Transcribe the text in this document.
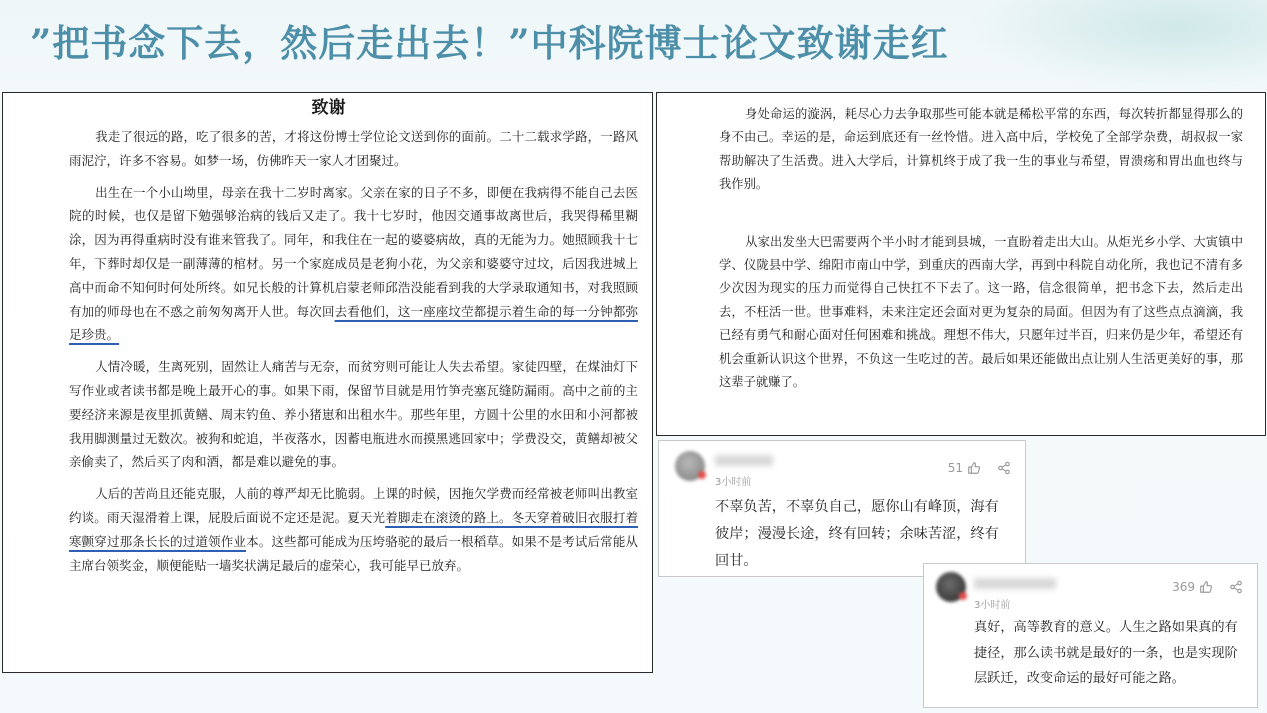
”把书念下去，然后走出去！”中科院博士论文致谢走红
致谢

我走了很远的路，吃了很多的苦，才将这份博士学位论文送到你的面前。二十二载求学路，一路风雨泥泞，许多不容易。如梦一场，仿佛昨天一家人才团聚过。

出生在一个小山坳里，母亲在我十二岁时离家。父亲在家的日子不多，即便在我病得不能自己去医院的时候，也仅是留下勉强够治病的钱后又走了。我十七岁时，他因交通事故离世后，我哭得稀里糊涂，因为再得重病时没有谁来管我了。同年，和我住在一起的婆婆病故，真的无能为力。她照顾我十七年，下葬时却仅是一副薄薄的棺材。另一个家庭成员是老狗小花，为父亲和婆婆守过坟，后因我进城上高中而命不知何时何处所终。如兄长般的计算机启蒙老师邱浩没能看到我的大学录取通知书，对我照顾有加的师母也在不惑之前匆匆离开人世。每次回去看他们，这一座座坟茔都提示着生命的每一分钟都弥足珍贵。

人情冷暖，生离死别，固然让人痛苦与无奈，而贫穷则可能让人失去希望。家徒四壁，在煤油灯下写作业或者读书都是晚上最开心的事。如果下雨，保留节目就是用竹笋壳塞瓦缝防漏雨。高中之前的主要经济来源是夜里抓黄鳝、周末钓鱼、养小猪崽和出租水牛。那些年里，方圆十公里的水田和小河都被我用脚测量过无数次。被狗和蛇追，半夜落水，因蓄电瓶进水而摸黑逃回家中；学费没交，黄鳝却被父亲偷卖了，然后买了肉和酒，都是难以避免的事。

人后的苦尚且还能克服，人前的尊严却无比脆弱。上课的时候，因拖欠学费而经常被老师叫出教室约谈。雨天湿滑着上课，屁股后面说不定还是泥。夏天光着脚走在滚烫的路上。冬天穿着破旧衣服打着寒颤穿过那条长长的过道领作业本。这些都可能成为压垮骆驼的最后一根稻草。如果不是考试后常能从主席台领奖金，顺便能贴一墙奖状满足最后的虚荣心，我可能早已放弃。

身处命运的漩涡，耗尽心力去争取那些可能本就是稀松平常的东西，每次转折都显得那么的身不由己。幸运的是，命运到底还有一丝怜惜。进入高中后，学校免了全部学杂费，胡叔叔一家帮助解决了生活费。进入大学后，计算机终于成了我一生的事业与希望，胃溃疡和胃出血也终与我作别。

从家出发坐大巴需要两个半小时才能到县城，一直盼着走出大山。从炬光乡小学、大寅镇中学、仪陇县中学、绵阳市南山中学，到重庆的西南大学，再到中科院自动化所，我也记不清有多少次因为现实的压力而觉得自己快扛不下去了。这一路，信念很简单，把书念下去，然后走出去，不枉活一世。世事难料，未来注定还会面对更为复杂的局面。但因为有了这些点点滴滴，我已经有勇气和耐心面对任何困难和挑战。理想不伟大，只愿年过半百，归来仍是少年，希望还有机会重新认识这个世界，不负这一生吃过的苦。最后如果还能做出点让别人生活更美好的事，那这辈子就赚了。

3小时前
51
不辜负苦，不辜负自己，愿你山有峰顶，海有彼岸；漫漫长途，终有回转；余味苦涩，终有回甘。
3小时前
369
真好，高等教育的意义。人生之路如果真的有捷径，那么读书就是最好的一条，也是实现阶层跃迁，改变命运的最好可能之路。
